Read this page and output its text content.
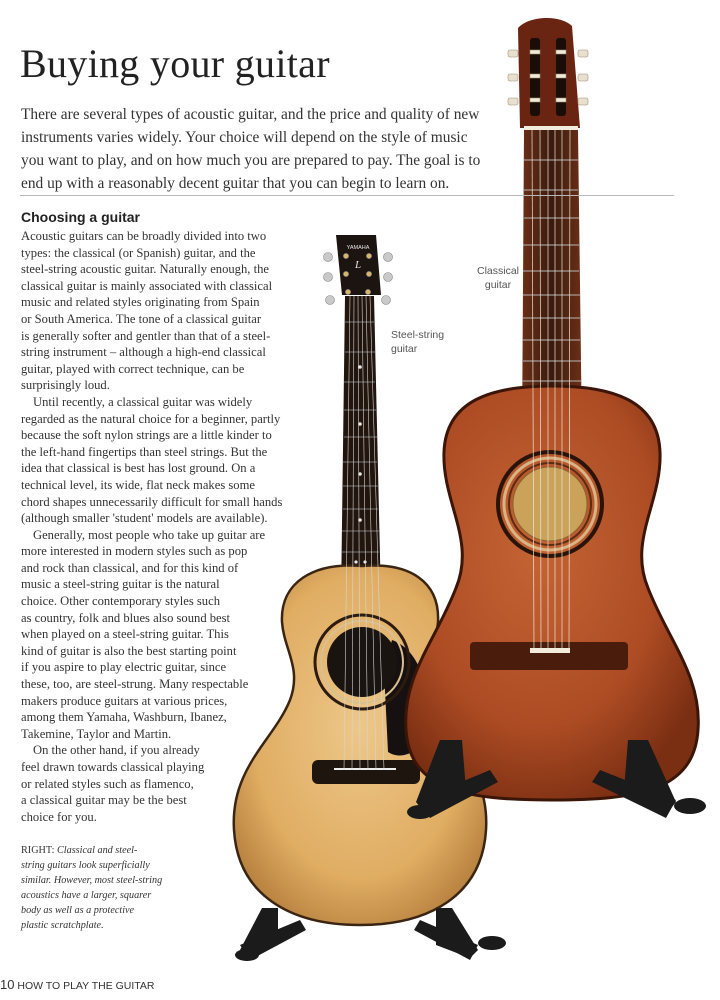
YAMAHA
L
Buying your guitar

There are several types of acoustic guitar, and the price and quality of new instruments varies widely. Your choice will depend on the style of music you want to play, and on how much you are prepared to pay. The goal is to end up with a reasonably decent guitar that you can begin to learn on.

Choosing a guitar

Acoustic guitars can be broadly divided into two
types: the classical (or Spanish) guitar, and the
steel-string acoustic guitar. Naturally enough, the
classical guitar is mainly associated with classical
music and related styles originating from Spain
or South America. The tone of a classical guitar
is generally softer and gentler than that of a steel-
string instrument – although a high-end classical
guitar, played with correct technique, can be
surprisingly loud.

Until recently, a classical guitar was widely
regarded as the natural choice for a beginner, partly
because the soft nylon strings are a little kinder to
the left-hand fingertips than steel strings. But the
idea that classical is best has lost ground. On a
technical level, its wide, flat neck makes some
chord shapes unnecessarily difficult for small hands
(although smaller 'student' models are available).

Generally, most people who take up guitar are
more interested in modern styles such as pop
and rock than classical, and for this kind of
music a steel-string guitar is the natural
choice. Other contemporary styles such
as country, folk and blues also sound best
when played on a steel-string guitar. This
kind of guitar is also the best starting point
if you aspire to play electric guitar, since
these, too, are steel-strung. Many respectable
makers produce guitars at various prices,
among them Yamaha, Washburn, Ibanez,
Takemine, Taylor and Martin.

On the other hand, if you already
feel drawn towards classical playing
or related styles such as flamenco,
a classical guitar may be the best
choice for you.

RIGHT: Classical and steel-
string guitars look superficially
similar. However, most steel-string
acoustics have a larger, squarer
body as well as a protective
plastic scratchplate.
Classical
guitar
Steel-string
guitar
10 HOW TO PLAY THE GUITAR
